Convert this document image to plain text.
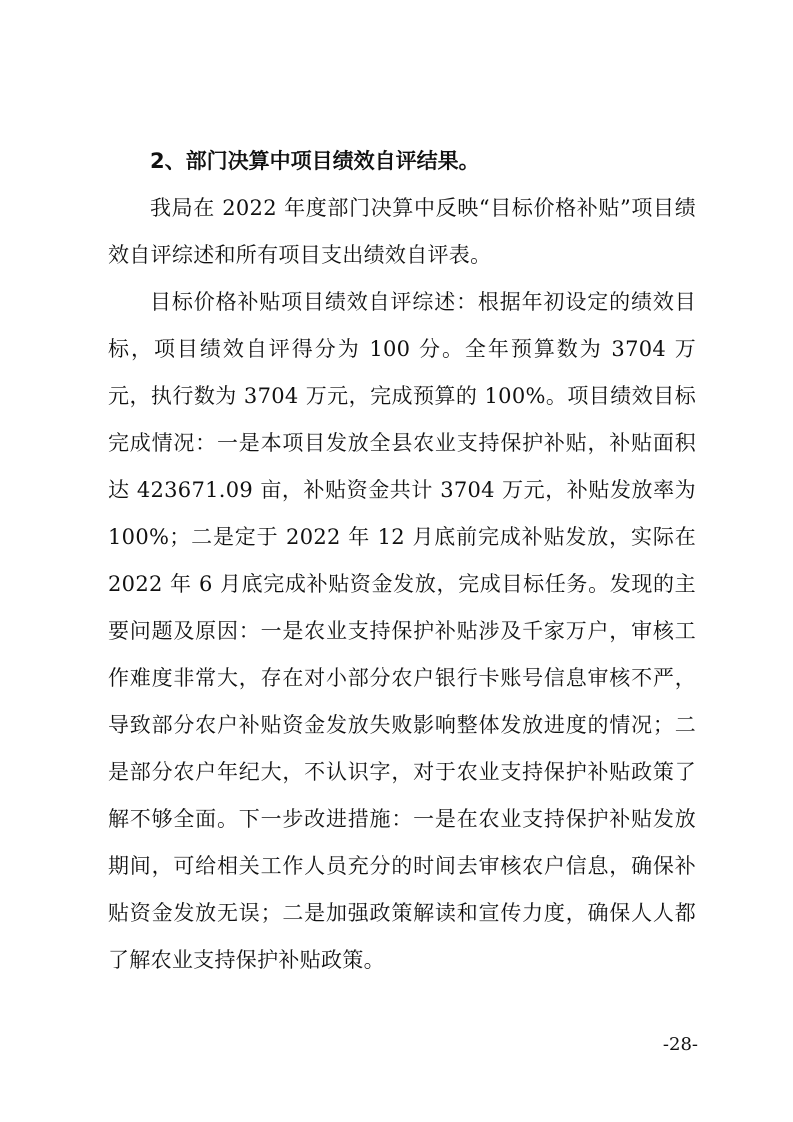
2、部门决算中项目绩效自评结果。

我局在 2022 年度部门决算中反映“目标价格补贴”项目绩效自评综述和所有项目支出绩效自评表。

目标价格补贴项目绩效自评综述：根据年初设定的绩效目标，项目绩效自评得分为 100 分。全年预算数为 3704 万元，执行数为 3704 万元，完成预算的 100%。项目绩效目标完成情况：一是本项目发放全县农业支持保护补贴，补贴面积达 423671.09 亩，补贴资金共计 3704 万元，补贴发放率为 100%；二是定于 2022 年 12 月底前完成补贴发放，实际在 2022 年 6 月底完成补贴资金发放，完成目标任务。发现的主要问题及原因：一是农业支持保护补贴涉及千家万户，审核工作难度非常大，存在对小部分农户银行卡账号信息审核不严，导致部分农户补贴资金发放失败影响整体发放进度的情况；二是部分农户年纪大，不认识字，对于农业支持保护补贴政策了解不够全面。下一步改进措施：一是在农业支持保护补贴发放期间，可给相关工作人员充分的时间去审核农户信息，确保补贴资金发放无误；二是加强政策解读和宣传力度，确保人人都了解农业支持保护补贴政策。

-28-
